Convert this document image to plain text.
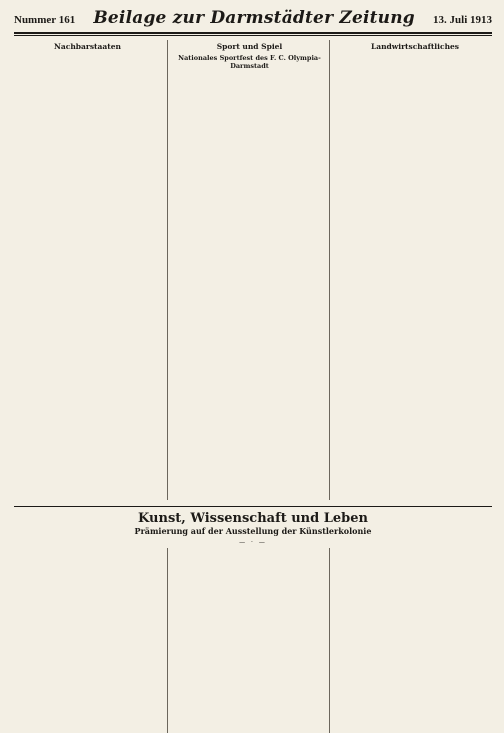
Nummer 161 Beilage zur Darmstädter Zeitung 13. Juli 1913
Nachbarstaaten	Sport und Spiel
Nationales Sportfest des F. C. Olympia-Darmstadt
Landwirtschaftliches
Kunst, Wissenschaft und Leben
Prämierung auf der Ausstellung der Künstlerkolonie
— · —
